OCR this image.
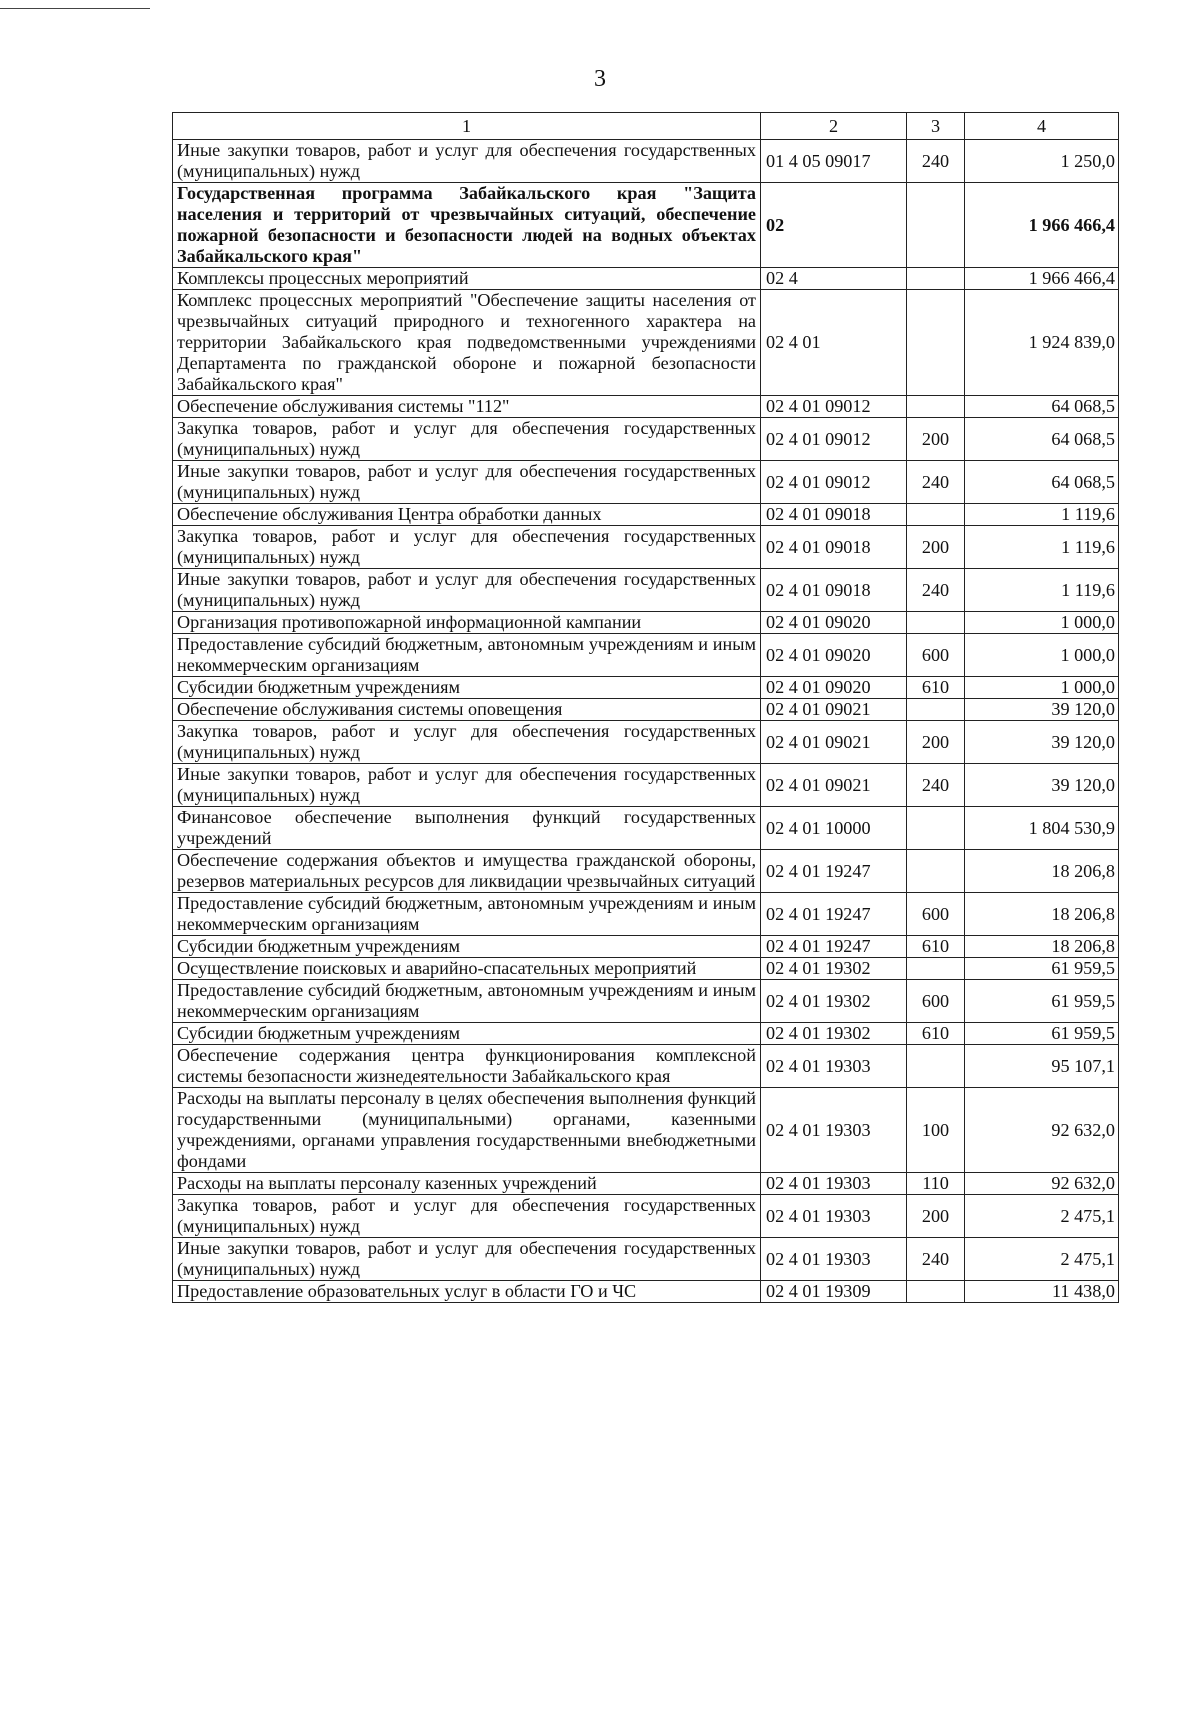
3
1	2	3	4
Иные закупки товаров, работ и услуг для обеспечения государственных (муниципальных) нужд	01 4 05 09017	240	1 250,0
Государственная программа Забайкальского края "Защита населения и территорий от чрезвычайных ситуаций, обеспечение пожарной безопасности и безопасности людей на водных объектах Забайкальского края"	02		1 966 466,4
Комплексы процессных мероприятий	02 4		1 966 466,4
Комплекс процессных мероприятий "Обеспечение защиты населения от чрезвычайных ситуаций природного и техногенного характера на территории Забайкальского края подведомственными учреждениями Департамента по гражданской обороне и пожарной безопасности Забайкальского края"	02 4 01		1 924 839,0
Обеспечение обслуживания системы "112"	02 4 01 09012		64 068,5
Закупка товаров, работ и услуг для обеспечения государственных (муниципальных) нужд	02 4 01 09012	200	64 068,5
Иные закупки товаров, работ и услуг для обеспечения государственных (муниципальных) нужд	02 4 01 09012	240	64 068,5
Обеспечение обслуживания Центра обработки данных	02 4 01 09018		1 119,6
Закупка товаров, работ и услуг для обеспечения государственных (муниципальных) нужд	02 4 01 09018	200	1 119,6
Иные закупки товаров, работ и услуг для обеспечения государственных (муниципальных) нужд	02 4 01 09018	240	1 119,6
Организация противопожарной информационной кампании	02 4 01 09020		1 000,0
Предоставление субсидий бюджетным, автономным учреждениям и иным некоммерческим организациям	02 4 01 09020	600	1 000,0
Субсидии бюджетным учреждениям	02 4 01 09020	610	1 000,0
Обеспечение обслуживания системы оповещения	02 4 01 09021		39 120,0
Закупка товаров, работ и услуг для обеспечения государственных (муниципальных) нужд	02 4 01 09021	200	39 120,0
Иные закупки товаров, работ и услуг для обеспечения государственных (муниципальных) нужд	02 4 01 09021	240	39 120,0
Финансовое обеспечение выполнения функций государственных учреждений	02 4 01 10000		1 804 530,9
Обеспечение содержания объектов и имущества гражданской обороны, резервов материальных ресурсов для ликвидации чрезвычайных ситуаций	02 4 01 19247		18 206,8
Предоставление субсидий бюджетным, автономным учреждениям и иным некоммерческим организациям	02 4 01 19247	600	18 206,8
Субсидии бюджетным учреждениям	02 4 01 19247	610	18 206,8
Осуществление поисковых и аварийно-спасательных мероприятий	02 4 01 19302		61 959,5
Предоставление субсидий бюджетным, автономным учреждениям и иным некоммерческим организациям	02 4 01 19302	600	61 959,5
Субсидии бюджетным учреждениям	02 4 01 19302	610	61 959,5
Обеспечение содержания центра функционирования комплексной системы безопасности жизнедеятельности Забайкальского края	02 4 01 19303		95 107,1
Расходы на выплаты персоналу в целях обеспечения выполнения функций государственными (муниципальными) органами, казенными учреждениями, органами управления государственными внебюджетными фондами	02 4 01 19303	100	92 632,0
Расходы на выплаты персоналу казенных учреждений	02 4 01 19303	110	92 632,0
Закупка товаров, работ и услуг для обеспечения государственных (муниципальных) нужд	02 4 01 19303	200	2 475,1
Иные закупки товаров, работ и услуг для обеспечения государственных (муниципальных) нужд	02 4 01 19303	240	2 475,1
Предоставление образовательных услуг в области ГО и ЧС	02 4 01 19309		11 438,0
